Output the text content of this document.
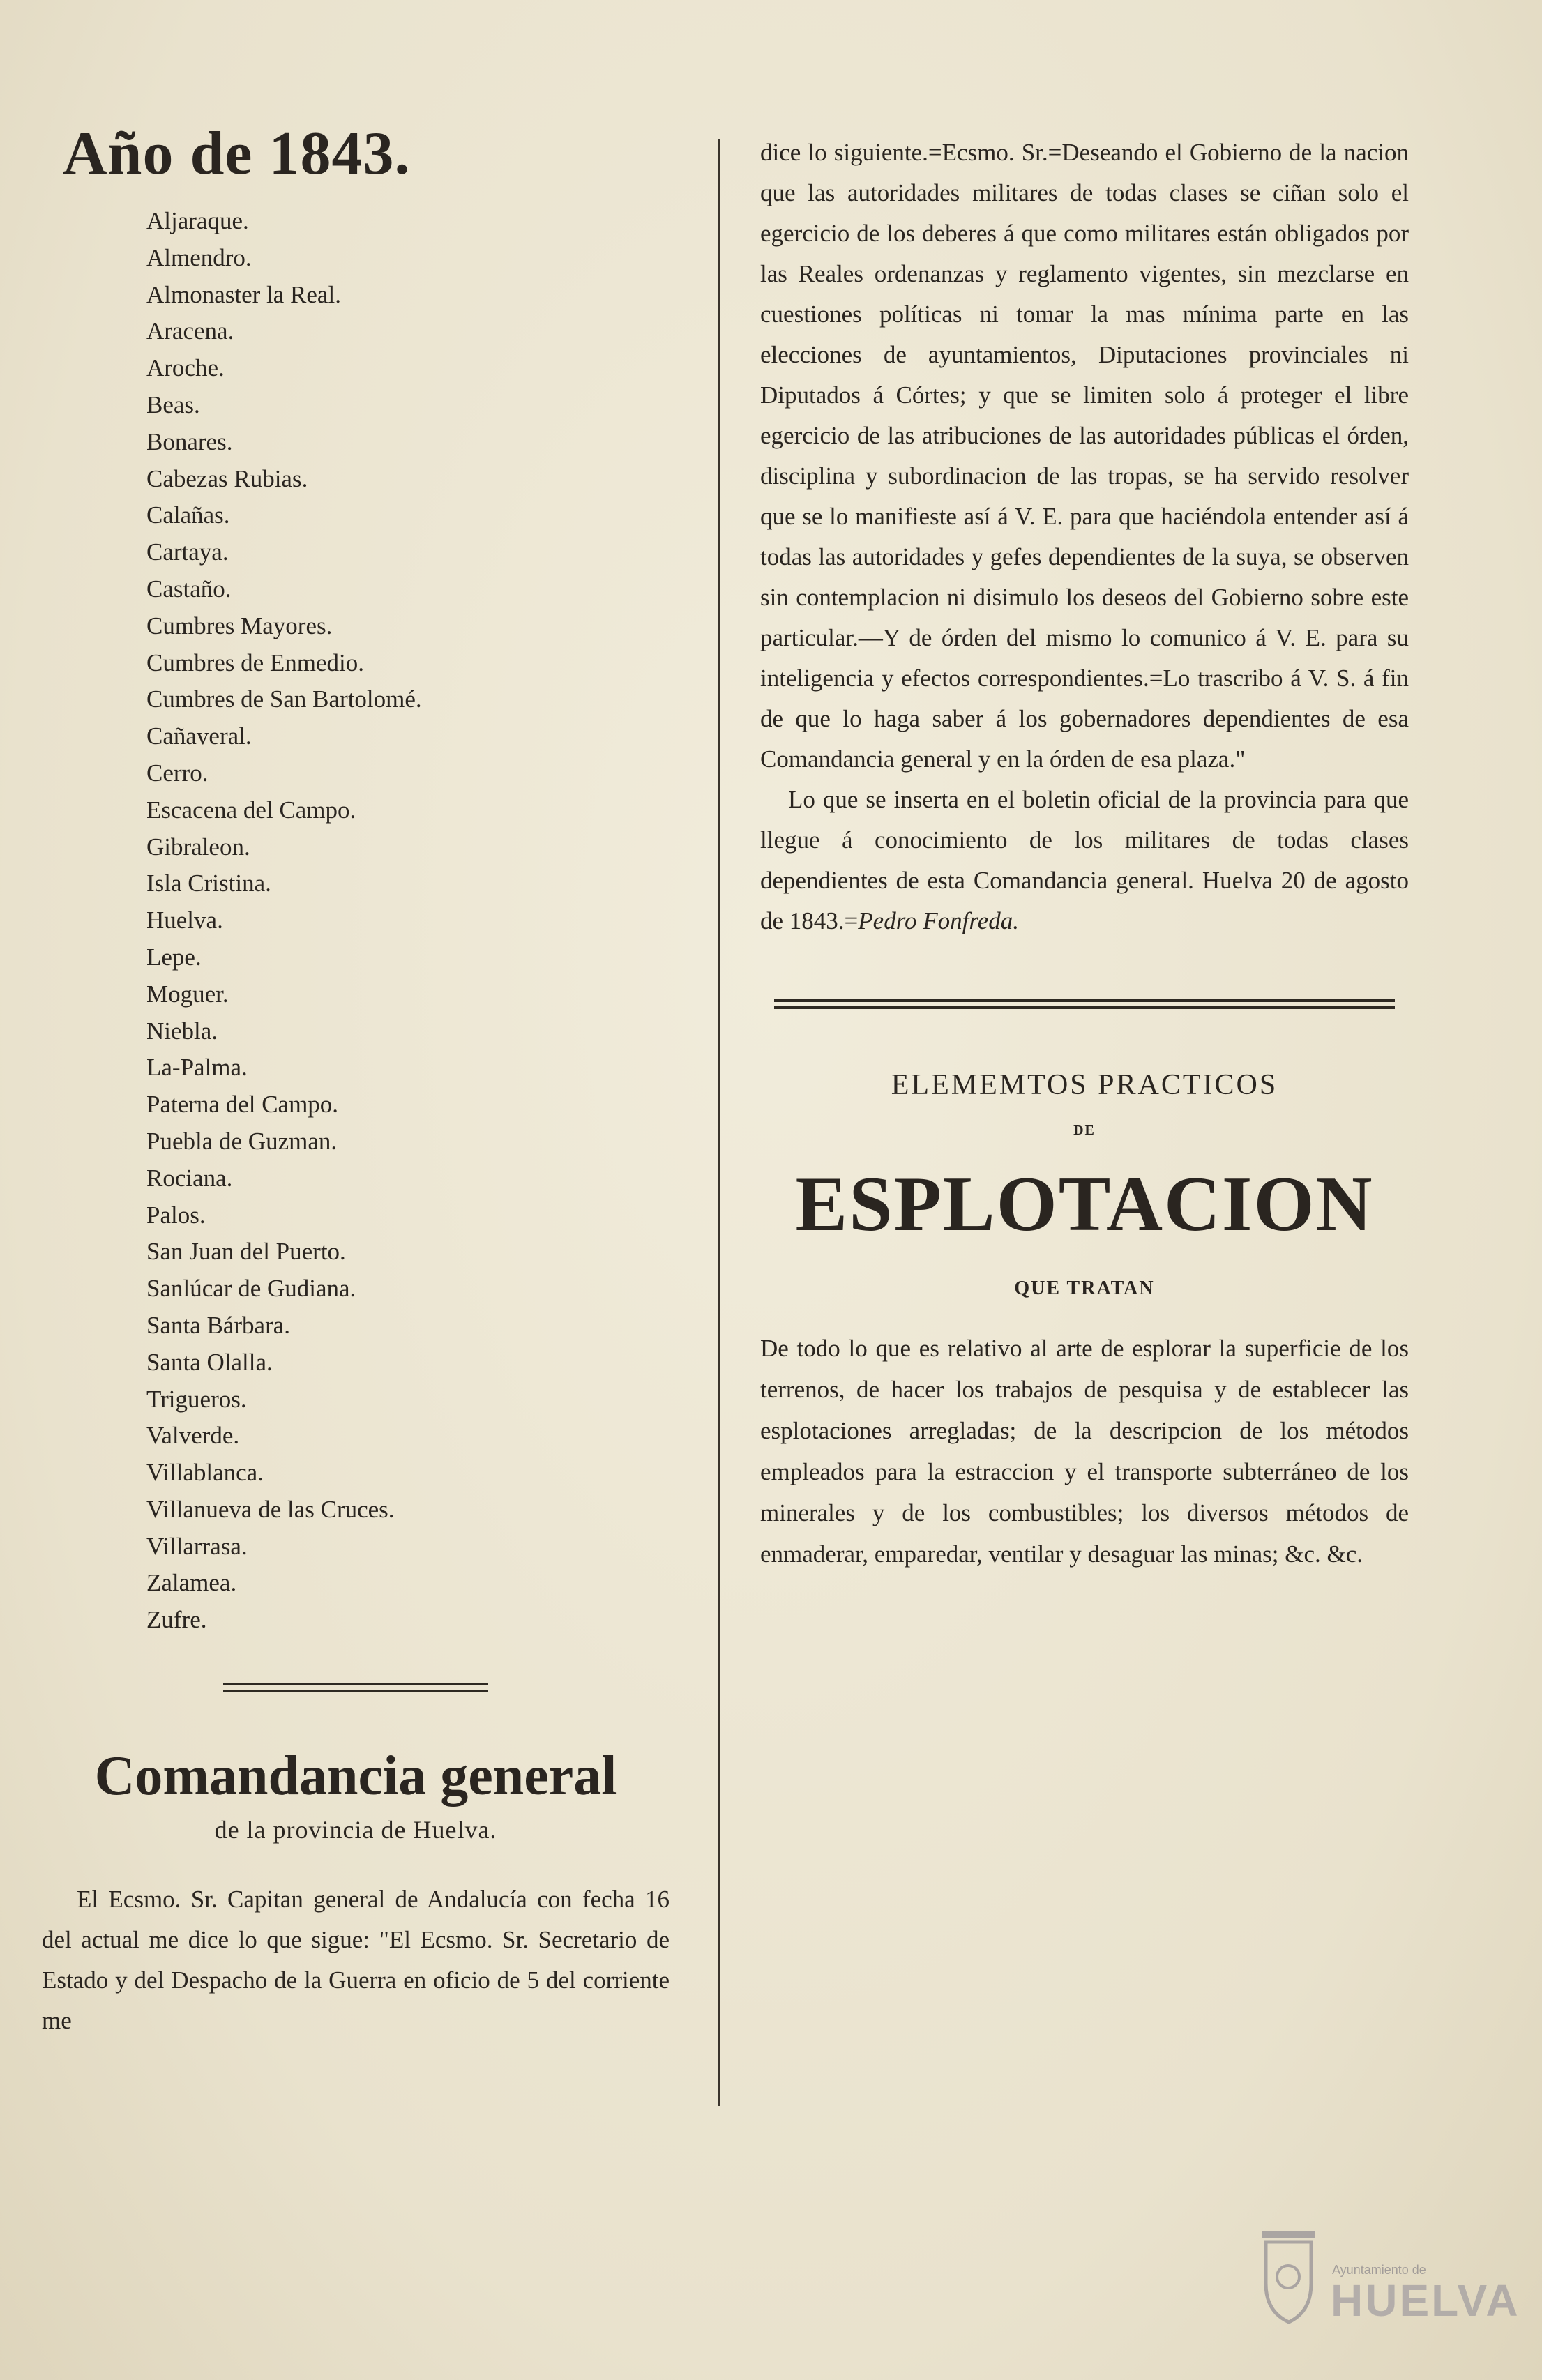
Año de 1843.
Aljaraque.
Almendro.
Almonaster la Real.
Aracena.
Aroche.
Beas.
Bonares.
Cabezas Rubias.
Calañas.
Cartaya.
Castaño.
Cumbres Mayores.
Cumbres de Enmedio.
Cumbres de San Bartolomé.
Cañaveral.
Cerro.
Escacena del Campo.
Gibraleon.
Isla Cristina.
Huelva.
Lepe.
Moguer.
Niebla.
La-Palma.
Paterna del Campo.
Puebla de Guzman.
Rociana.
Palos.
San Juan del Puerto.
Sanlúcar de Gudiana.
Santa Bárbara.
Santa Olalla.
Trigueros.
Valverde.
Villablanca.
Villanueva de las Cruces.
Villarrasa.
Zalamea.
Zufre.
Comandancia general
de la provincia de Huelva.

El Ecsmo. Sr. Capitan general de Andalucía con fecha 16 del actual me dice lo que sigue: "El Ecsmo. Sr. Secretario de Estado y del Despacho de la Guerra en oficio de 5 del corriente me

dice lo siguiente.=Ecsmo. Sr.=Deseando el Gobierno de la nacion que las autoridades militares de todas clases se ciñan solo el egercicio de los deberes á que como militares están obligados por las Reales ordenanzas y reglamento vigentes, sin mezclarse en cuestiones políticas ni tomar la mas mínima parte en las elecciones de ayuntamientos, Diputaciones provinciales ni Diputados á Córtes; y que se limiten solo á proteger el libre egercicio de las atribuciones de las autoridades públicas el órden, disciplina y subordinacion de las tropas, se ha servido resolver que se lo manifieste así á V. E. para que haciéndola entender así á todas las autoridades y gefes dependientes de la suya, se observen sin contemplacion ni disimulo los deseos del Gobierno sobre este particular.—Y de órden del mismo lo comunico á V. E. para su inteligencia y efectos correspondientes.=Lo trascribo á V. S. á fin de que lo haga saber á los gobernadores dependientes de esa Comandancia general y en la órden de esa plaza."

Lo que se inserta en el boletin oficial de la provincia para que llegue á conocimiento de los militares de todas clases dependientes de esta Comandancia general. Huelva 20 de agosto de 1843.=Pedro Fonfreda.

ELEMEMTOS PRACTICOS
DE
ESPLOTACION
QUE TRATAN
De todo lo que es relativo al arte de esplorar la superficie de los terrenos, de hacer los trabajos de pesquisa y de establecer las esplotaciones arregladas; de la descripcion de los métodos empleados para la estraccion y el transporte subterráneo de los minerales y de los combustibles; los diversos métodos de enmaderar, emparedar, ventilar y desaguar las minas; &c. &c.
Ayuntamiento de
HUELVA
